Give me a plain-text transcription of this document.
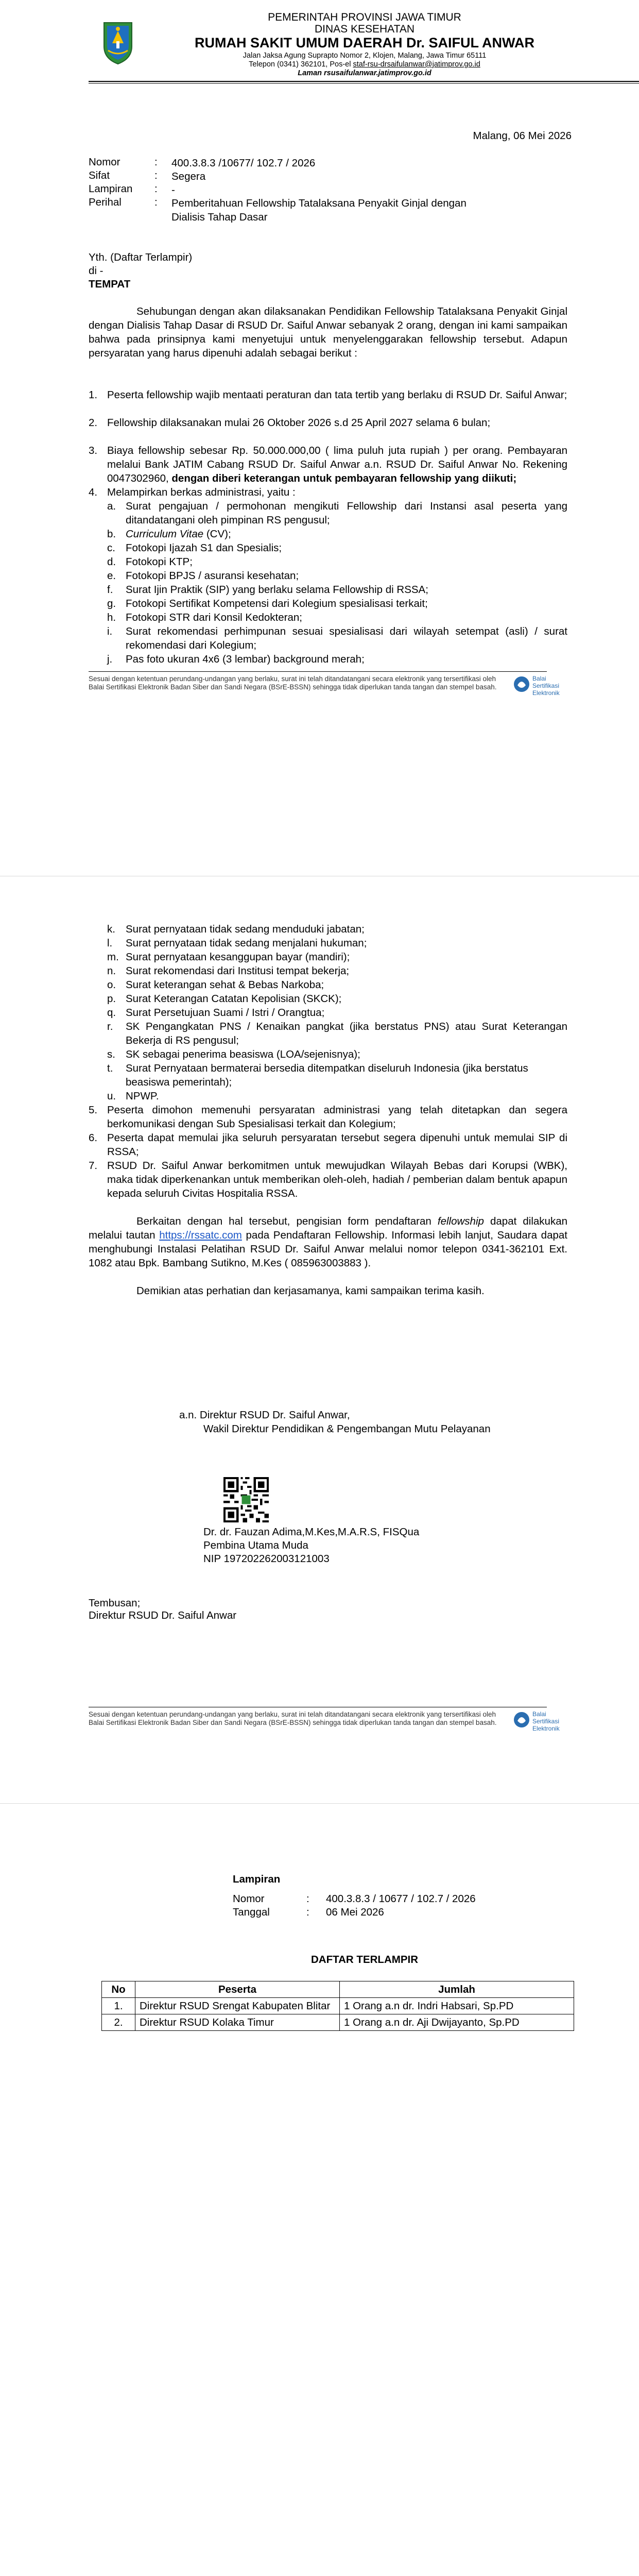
PEMERINTAH PROVINSI JAWA TIMUR
DINAS KESEHATAN
RUMAH SAKIT UMUM DAERAH Dr. SAIFUL ANWAR
Jalan Jaksa Agung Suprapto Nomor 2, Klojen, Malang, Jawa Timur 65111
Telepon (0341) 362101, Pos-el staf-rsu-drsaifulanwar@jatimprov.go.id
Laman rsusaifulanwar.jatimprov.go.id
Malang, 06 Mei 2026
Nomor	: 400.3.8.3 /10677/ 102.7 / 2026
Sifat	: Segera
Lampiran : -
Perihal	: Pemberitahuan Fellowship Tatalaksana Penyakit Ginjal dengan Dialisis Tahap Dasar
Yth. (Daftar Terlampir)
di -
TEMPAT
Sehubungan dengan akan dilaksanakan Pendidikan Fellowship Tatalaksana Penyakit Ginjal dengan Dialisis Tahap Dasar di RSUD Dr. Saiful Anwar sebanyak 2 orang, dengan ini kami sampaikan bahwa pada prinsipnya kami menyetujui untuk menyelenggarakan fellowship tersebut. Adapun persyaratan yang harus dipenuhi adalah sebagai berikut :
1. Peserta fellowship wajib mentaati peraturan dan tata tertib yang berlaku di RSUD Dr. Saiful Anwar;
2. Fellowship dilaksanakan mulai 26 Oktober 2026 s.d 25 April 2027 selama 6 bulan;
3. Biaya fellowship sebesar Rp. 50.000.000,00 ( lima puluh juta rupiah ) per orang. Pembayaran melalui Bank JATIM Cabang RSUD Dr. Saiful Anwar a.n. RSUD Dr. Saiful Anwar No. Rekening 0047302960, dengan diberi keterangan untuk pembayaran fellowship yang diikuti;
4. Melampirkan berkas administrasi, yaitu :
a. Surat pengajuan / permohonan mengikuti Fellowship dari Instansi asal peserta yang ditandatangani oleh pimpinan RS pengusul;
b. Curriculum Vitae (CV);
c. Fotokopi Ijazah S1 dan Spesialis;
d. Fotokopi KTP;
e. Fotokopi BPJS / asuransi kesehatan;
f. Surat Ijin Praktik (SIP) yang berlaku selama Fellowship di RSSA;
g. Fotokopi Sertifikat Kompetensi dari Kolegium spesialisasi terkait;
h. Fotokopi STR dari Konsil Kedokteran;
i. Surat rekomendasi perhimpunan sesuai spesialisasi dari wilayah setempat (asli) / surat rekomendasi dari Kolegium;
j. Pas foto ukuran 4x6 (3 lembar) background merah;
Sesuai dengan ketentuan perundang-undangan yang berlaku, surat ini telah ditandatangani secara elektronik yang tersertifikasi oleh Balai Sertifikasi Elektronik Badan Siber dan Sandi Negara (BSrE-BSSN) sehingga tidak diperlukan tanda tangan dan stempel basah.
Balai Sertifikasi Elektronik
k. Surat pernyataan tidak sedang menduduki jabatan;
l. Surat pernyataan tidak sedang menjalani hukuman;
m. Surat pernyataan kesanggupan bayar (mandiri);
n. Surat rekomendasi dari Institusi tempat bekerja;
o. Surat keterangan sehat & Bebas Narkoba;
p. Surat Keterangan Catatan Kepolisian (SKCK);
q. Surat Persetujuan Suami / Istri / Orangtua;
r. SK Pengangkatan PNS / Kenaikan pangkat (jika berstatus PNS) atau Surat Keterangan Bekerja di RS pengusul;
s. SK sebagai penerima beasiswa (LOA/sejenisnya);
t. Surat Pernyataan bermaterai bersedia ditempatkan diseluruh Indonesia (jika berstatus beasiswa pemerintah);
u. NPWP.
5. Peserta dimohon memenuhi persyaratan administrasi yang telah ditetapkan dan segera berkomunikasi dengan Sub Spesialisasi terkait dan Kolegium;
6. Peserta dapat memulai jika seluruh persyaratan tersebut segera dipenuhi untuk memulai SIP di RSSA;
7. RSUD Dr. Saiful Anwar berkomitmen untuk mewujudkan Wilayah Bebas dari Korupsi (WBK), maka tidak diperkenankan untuk memberikan oleh-oleh, hadiah / pemberian dalam bentuk apapun kepada seluruh Civitas Hospitalia RSSA.
Berkaitan dengan hal tersebut, pengisian form pendaftaran fellowship dapat dilakukan melalui tautan https://rssatc.com pada Pendaftaran Fellowship. Informasi lebih lanjut, Saudara dapat menghubungi Instalasi Pelatihan RSUD Dr. Saiful Anwar melalui nomor telepon 0341-362101 Ext. 1082 atau Bpk. Bambang Sutikno, M.Kes ( 085963003883 ).
Demikian atas perhatian dan kerjasamanya, kami sampaikan terima kasih.
a.n. Direktur RSUD Dr. Saiful Anwar,
Wakil Direktur Pendidikan & Pengembangan Mutu Pelayanan
Dr. dr. Fauzan Adima,M.Kes,M.A.R.S, FISQua
Pembina Utama Muda
NIP 197202262003121003
Tembusan;
Direktur RSUD Dr. Saiful Anwar
Sesuai dengan ketentuan perundang-undangan yang berlaku, surat ini telah ditandatangani secara elektronik yang tersertifikasi oleh Balai Sertifikasi Elektronik Badan Siber dan Sandi Negara (BSrE-BSSN) sehingga tidak diperlukan tanda tangan dan stempel basah.
Balai Sertifikasi Elektronik
Lampiran
Nomor	: 400.3.8.3 / 10677 / 102.7 / 2026
Tanggal	: 06 Mei 2026
DAFTAR TERLAMPIR
No	Peserta	Jumlah
1.	Direktur RSUD Srengat Kabupaten Blitar	1 Orang a.n dr. Indri Habsari, Sp.PD
2.	Direktur RSUD Kolaka Timur	1 Orang a.n dr. Aji Dwijayanto, Sp.PD
